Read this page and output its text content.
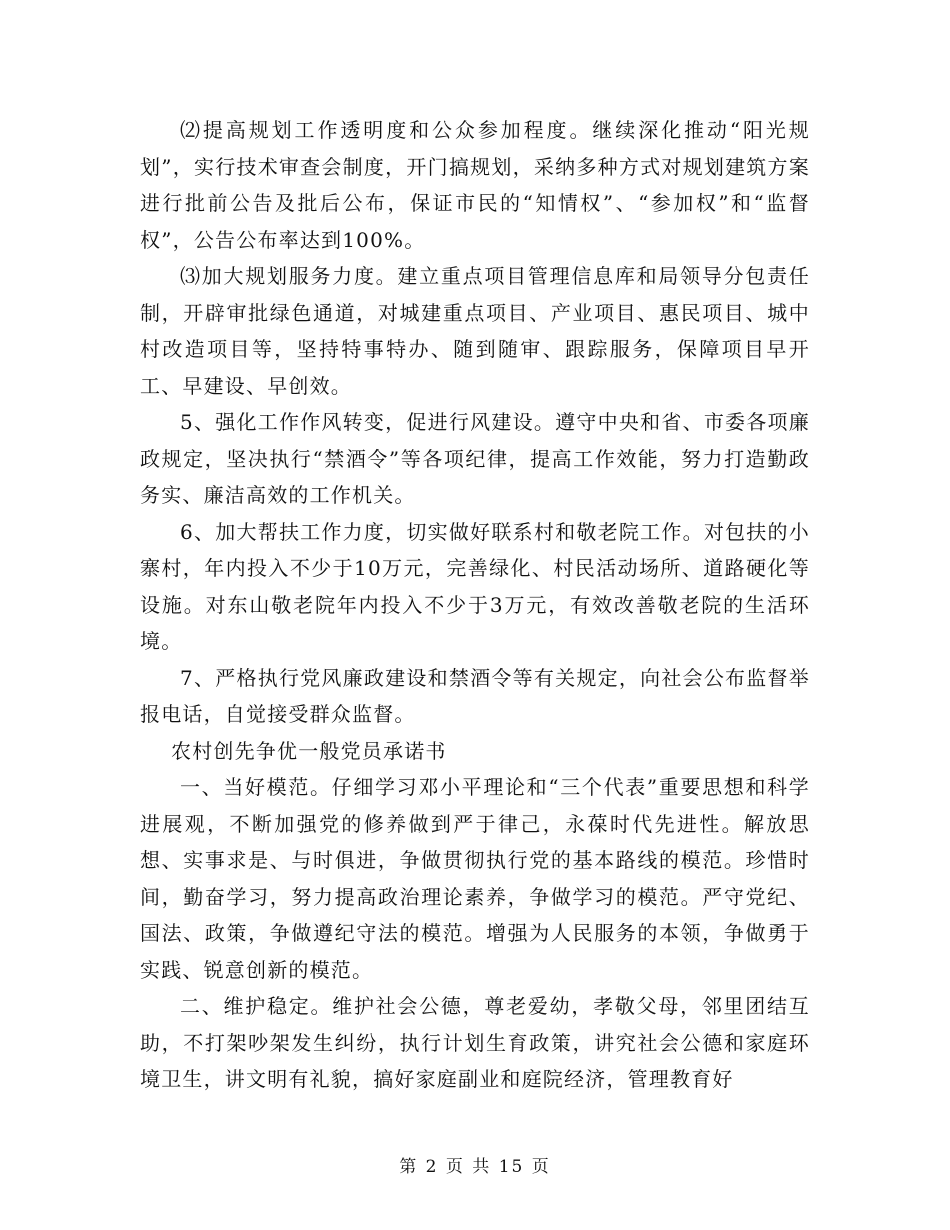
⑵提高规划工作透明度和公众参加程度。继续深化推动“阳光规划”，实行技术审查会制度，开门搞规划，采纳多种方式对规划建筑方案进行批前公告及批后公布，保证市民的“知情权”、“参加权”和“监督权”，公告公布率达到100%。

⑶加大规划服务力度。建立重点项目管理信息库和局领导分包责任制，开辟审批绿色通道，对城建重点项目、产业项目、惠民项目、城中村改造项目等，坚持特事特办、随到随审、跟踪服务，保障项目早开工、早建设、早创效。

5、强化工作作风转变，促进行风建设。遵守中央和省、市委各项廉政规定，坚决执行“禁酒令”等各项纪律，提高工作效能，努力打造勤政务实、廉洁高效的工作机关。

6、加大帮扶工作力度，切实做好联系村和敬老院工作。对包扶的小寨村，年内投入不少于10万元，完善绿化、村民活动场所、道路硬化等设施。对东山敬老院年内投入不少于3万元，有效改善敬老院的生活环境。

7、严格执行党风廉政建设和禁酒令等有关规定，向社会公布监督举报电话，自觉接受群众监督。

农村创先争优一般党员承诺书

一、当好模范。仔细学习邓小平理论和“三个代表”重要思想和科学进展观，不断加强党的修养做到严于律己，永葆时代先进性。解放思想、实事求是、与时俱进，争做贯彻执行党的基本路线的模范。珍惜时间，勤奋学习，努力提高政治理论素养，争做学习的模范。严守党纪、国法、政策，争做遵纪守法的模范。增强为人民服务的本领，争做勇于实践、锐意创新的模范。

二、维护稳定。维护社会公德，尊老爱幼，孝敬父母，邻里团结互助，不打架吵架发生纠纷，执行计划生育政策，讲究社会公德和家庭环境卫生，讲文明有礼貌，搞好家庭副业和庭院经济，管理教育好

第 2 页 共 15 页
